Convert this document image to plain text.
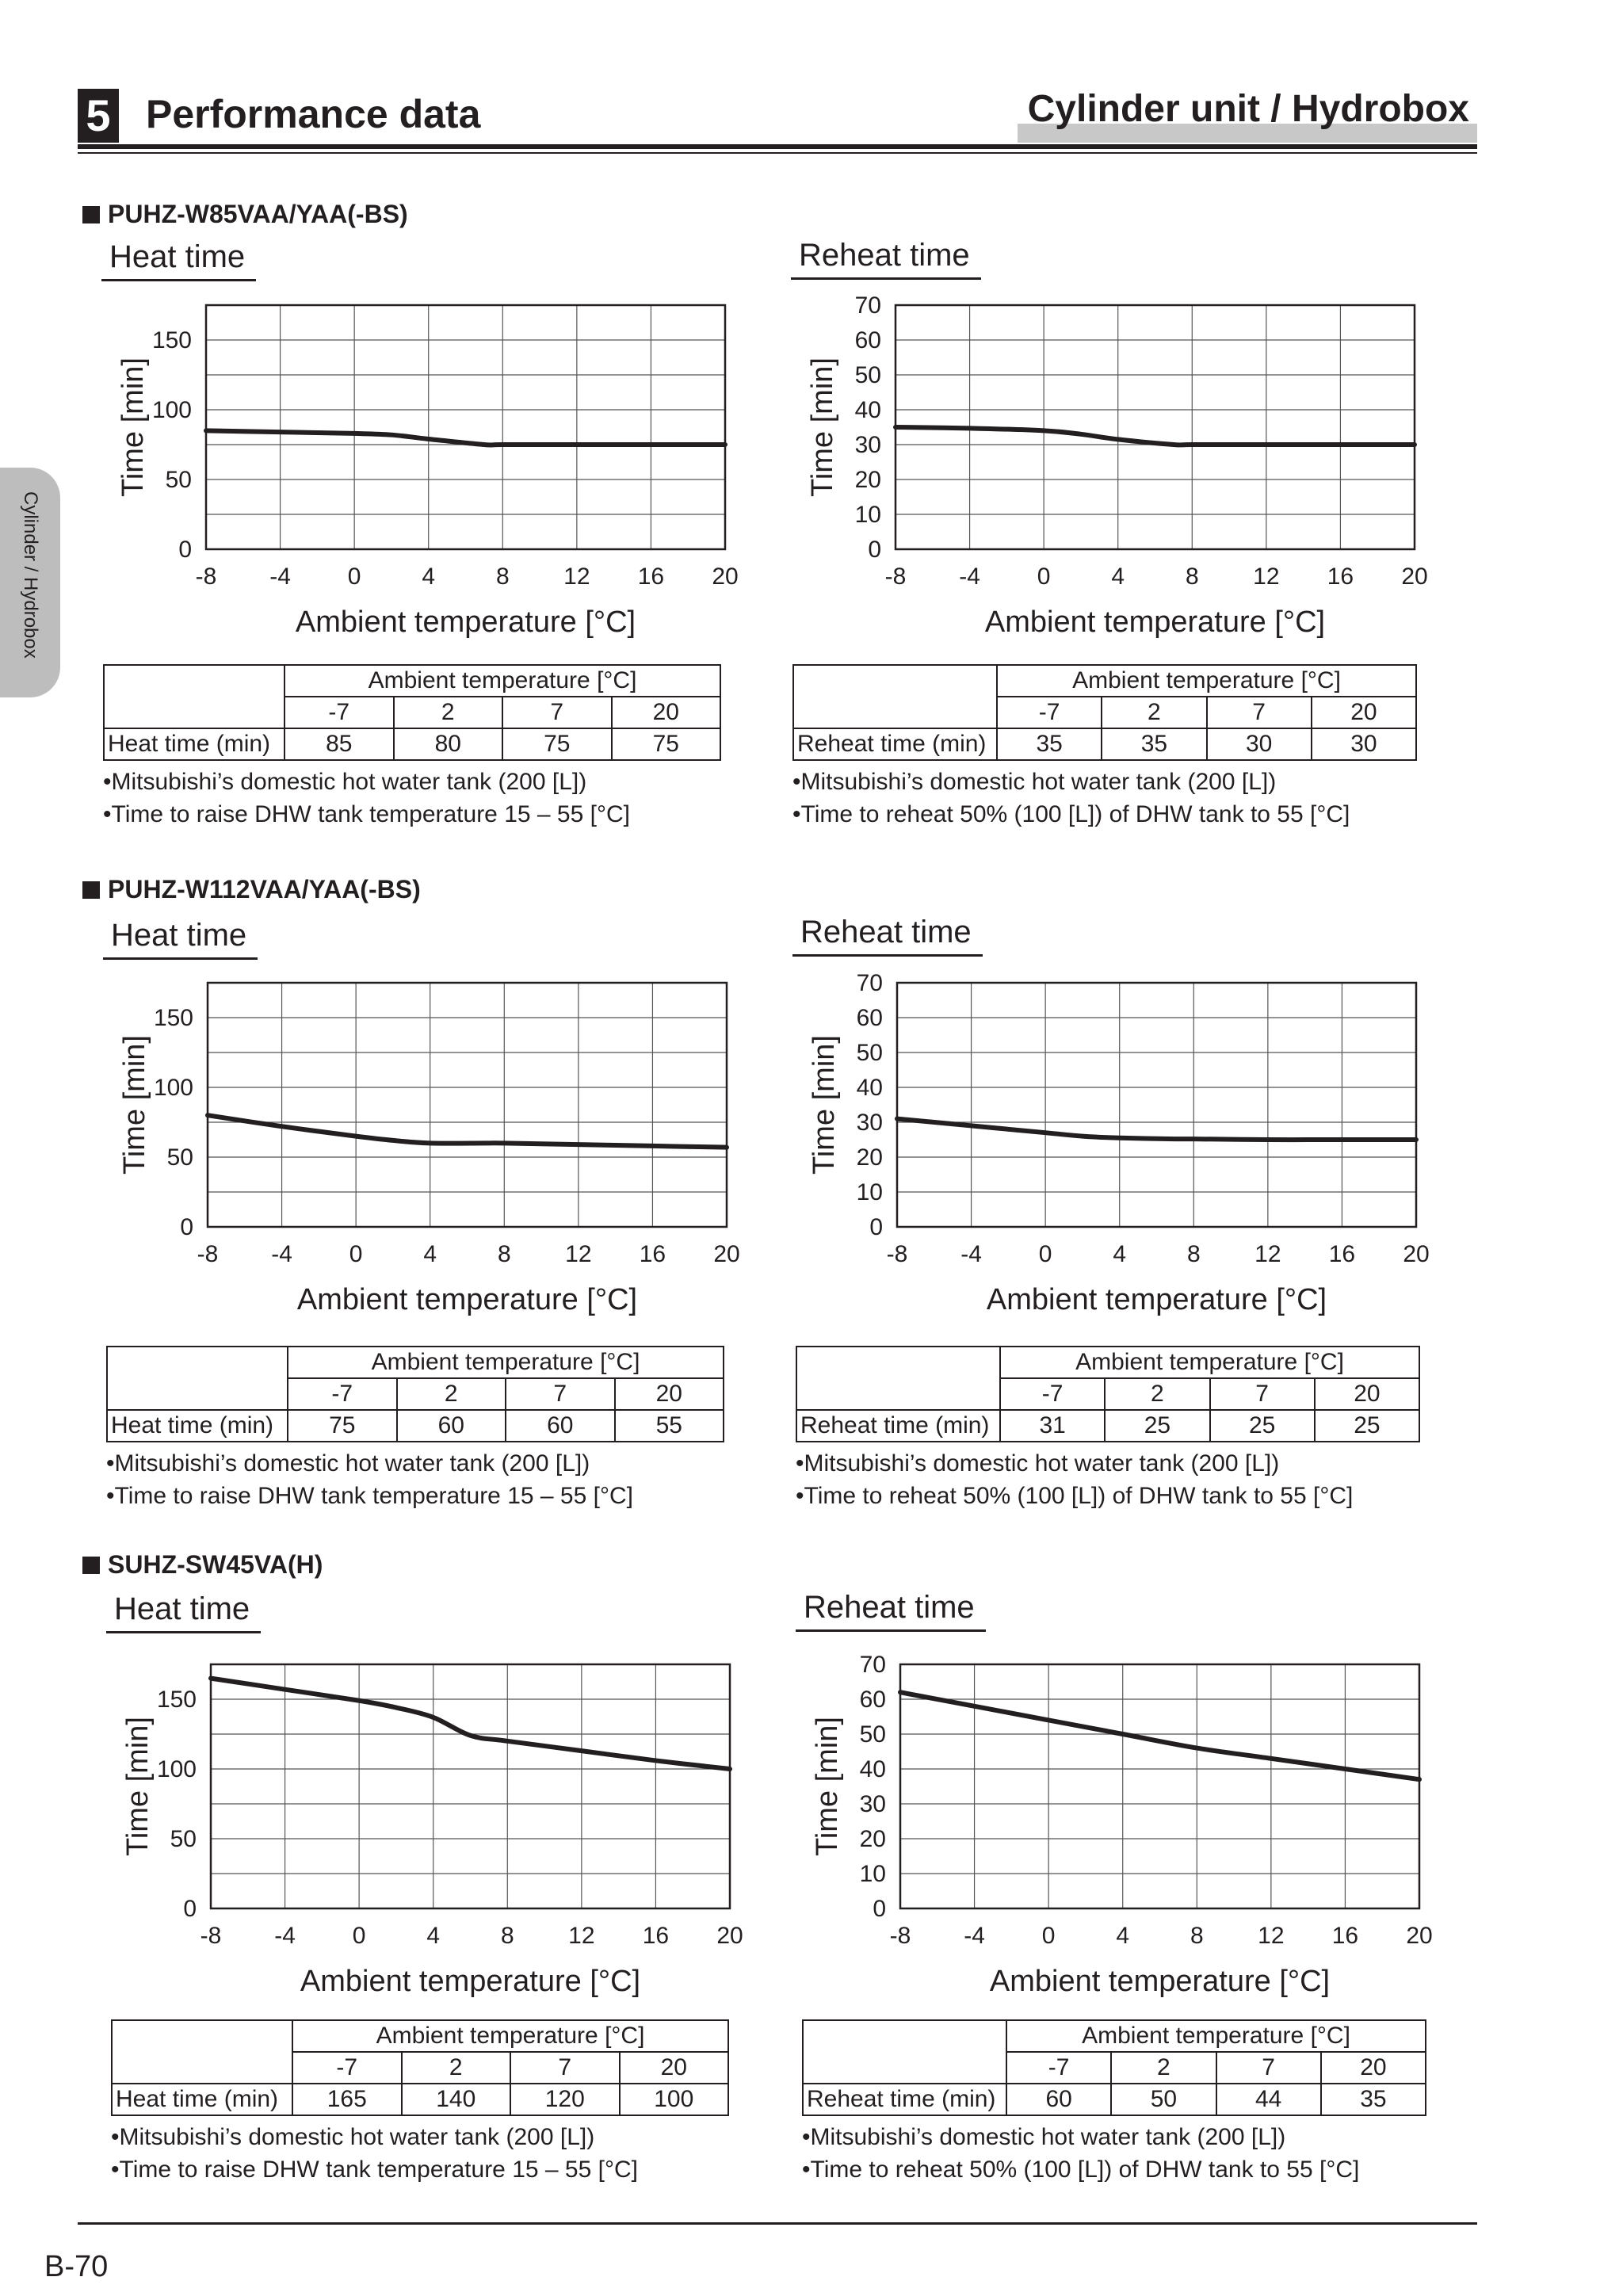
5 Performance data	Cylinder unit / Hydrobox
Cylinder / Hydrobox
PUHZ-W85VAA/YAA(-BS)
Heat time	Reheat time
-8 -4 0	4	8 12 16 20
0
50
100
150
Ambient temperature [°C]
Time [min]
-8 -4 0	4	8 12 16 20
0
10
20
30
40
50
60
70
Ambient temperature [°C]
Time [min]
	Ambient temperature [°C]			
	-7	2	7	20
Heat time (min)	85	80	75	75
•Mitsubishi’s domestic hot water tank (200 [L])
•Time to raise DHW tank temperature 15 – 55 [°C]
	Ambient temperature [°C]			
	-7	2	7	20
Reheat time (min)	35	35	30	30
•Mitsubishi’s domestic hot water tank (200 [L])
•Time to reheat 50% (100 [L]) of DHW tank to 55 [°C]
PUHZ-W112VAA/YAA(-BS)
Heat time	Reheat time
-8 -4 0	4	8 12 16 20
0
50
100
150
Ambient temperature [°C]
Time [min]
-8 -4 0	4	8 12 16 20
0
10
20
30
40
50
60
70
Ambient temperature [°C]
Time [min]
	Ambient temperature [°C]			
	-7	2	7	20
Heat time (min)	75	60	60	55
•Mitsubishi’s domestic hot water tank (200 [L])
•Time to raise DHW tank temperature 15 – 55 [°C]
	Ambient temperature [°C]			
	-7	2	7	20
Reheat time (min)	31	25	25	25
•Mitsubishi’s domestic hot water tank (200 [L])
•Time to reheat 50% (100 [L]) of DHW tank to 55 [°C]
SUHZ-SW45VA(H)
Heat time	Reheat time
-8 -4 0	4	8 12 16 20
0
50
100
150
Ambient temperature [°C]
Time [min]
-8 -4 0	4	8 12 16 20
0
10
20
30
40
50
60
70
Ambient temperature [°C]
Time [min]
	Ambient temperature [°C]			
	-7	2	7	20
Heat time (min)	165	140	120	100
•Mitsubishi’s domestic hot water tank (200 [L])
•Time to raise DHW tank temperature 15 – 55 [°C]
	Ambient temperature [°C]			
	-7	2	7	20
Reheat time (min)	60	50	44	35
•Mitsubishi’s domestic hot water tank (200 [L])
•Time to reheat 50% (100 [L]) of DHW tank to 55 [°C]
B-70
